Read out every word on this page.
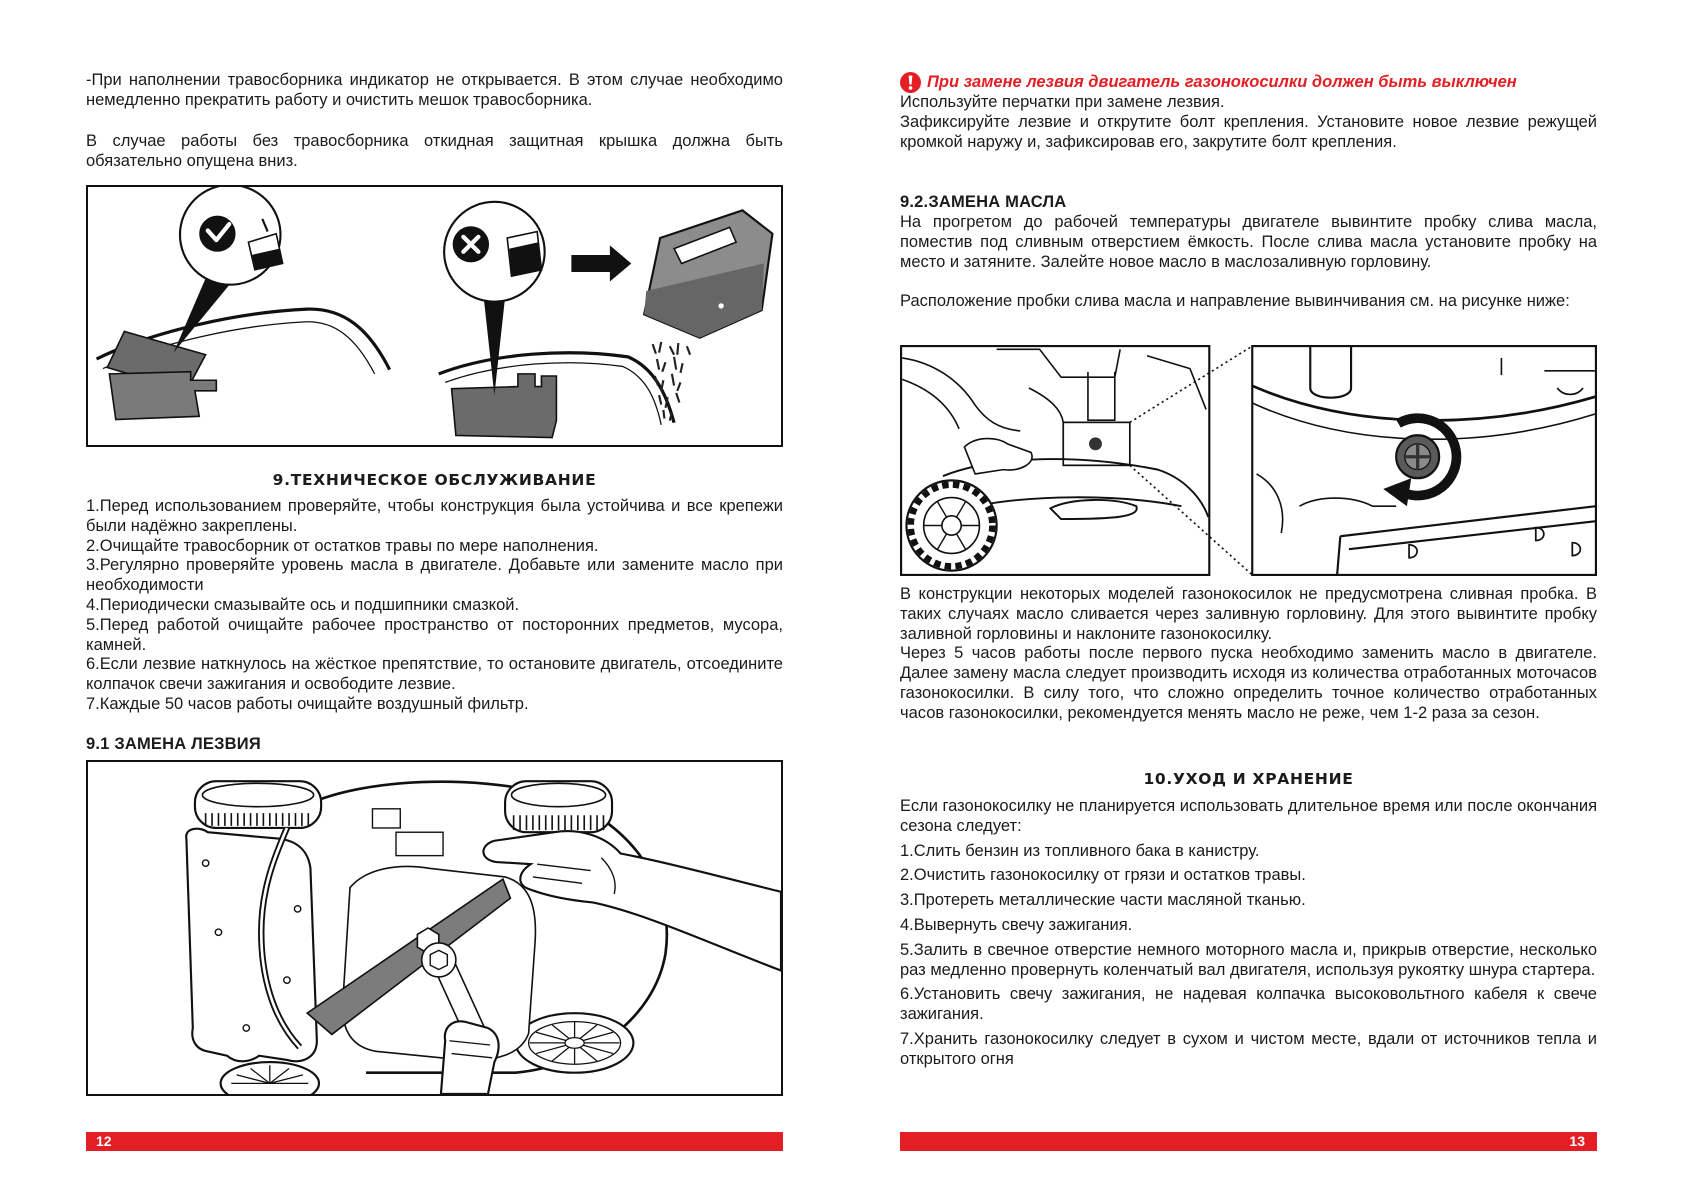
-При наполнении травосборника индикатор не открывается. В этом случае необходимо немедленно прекратить работу и очистить мешок травосборника.

В случае работы без травосборника откидная защитная крышка должна быть обязательно опущена вниз.

9.ТЕХНИЧЕСКОЕ ОБСЛУЖИВАНИЕ

1.Перед использованием проверяйте, чтобы конструкция была устойчива и все крепежи были надёжно закреплены.

2.Очищайте травосборник от остатков травы по мере наполнения.

3.Регулярно проверяйте уровень масла в двигателе. Добавьте или замените масло при необходимости

4.Периодически смазывайте ось и подшипники смазкой.

5.Перед работой очищайте рабочее пространство от посторонних предметов, мусора, камней.

6.Если лезвие наткнулось на жёсткое препятствие, то остановите двигатель, отсоедините колпачок свечи зажигания и освободите лезвие.

7.Каждые 50 часов работы очищайте воздушный фильтр.

9.1 ЗАМЕНА ЛЕЗВИЯ
12
При замене лезвия двигатель газонокосилки должен быть выключен

Используйте перчатки при замене лезвия.

Зафиксируйте лезвие и открутите болт крепления. Установите новое лезвие режущей кромкой наружу и, зафиксировав его, закрутите болт крепления.

9.2.ЗАМЕНА МАСЛА

На прогретом до рабочей температуры двигателе вывинтите пробку слива масла, поместив под сливным отверстием ёмкость. После слива масла установите пробку на место и затяните. Залейте новое масло в маслозаливную горловину.

Расположение пробки слива масла и направление вывинчивания см. на рисунке ниже:

В конструкции некоторых моделей газонокосилок не предусмотрена сливная пробка. В таких случаях масло сливается через заливную горловину. Для этого вывинтите пробку заливной горловины и наклоните газонокосилку.

Через 5 часов работы после первого пуска необходимо заменить масло в двигателе. Далее замену масла следует производить исходя из количества отработанных моточасов газонокосилки. В силу того, что сложно определить точное количество отработанных часов газонокосилки, рекомендуется менять масло не реже, чем 1-2 раза за сезон.

10.УХОД И ХРАНЕНИЕ

Если газонокосилку не планируется использовать длительное время или после окончания сезона следует:

1.Слить бензин из топливного бака в канистру.

2.Очистить газонокосилку от грязи и остатков травы.

3.Протереть металлические части масляной тканью.

4.Вывернуть свечу зажигания.

5.Залить в свечное отверстие немного моторного масла и, прикрыв отверстие, несколько раз медленно провернуть коленчатый вал двигателя, используя рукоятку шнура стартера.

6.Установить свечу зажигания, не надевая колпачка высоковольтного кабеля к свече зажигания.

7.Хранить газонокосилку следует в сухом и чистом месте, вдали от источников тепла и открытого огня

13
